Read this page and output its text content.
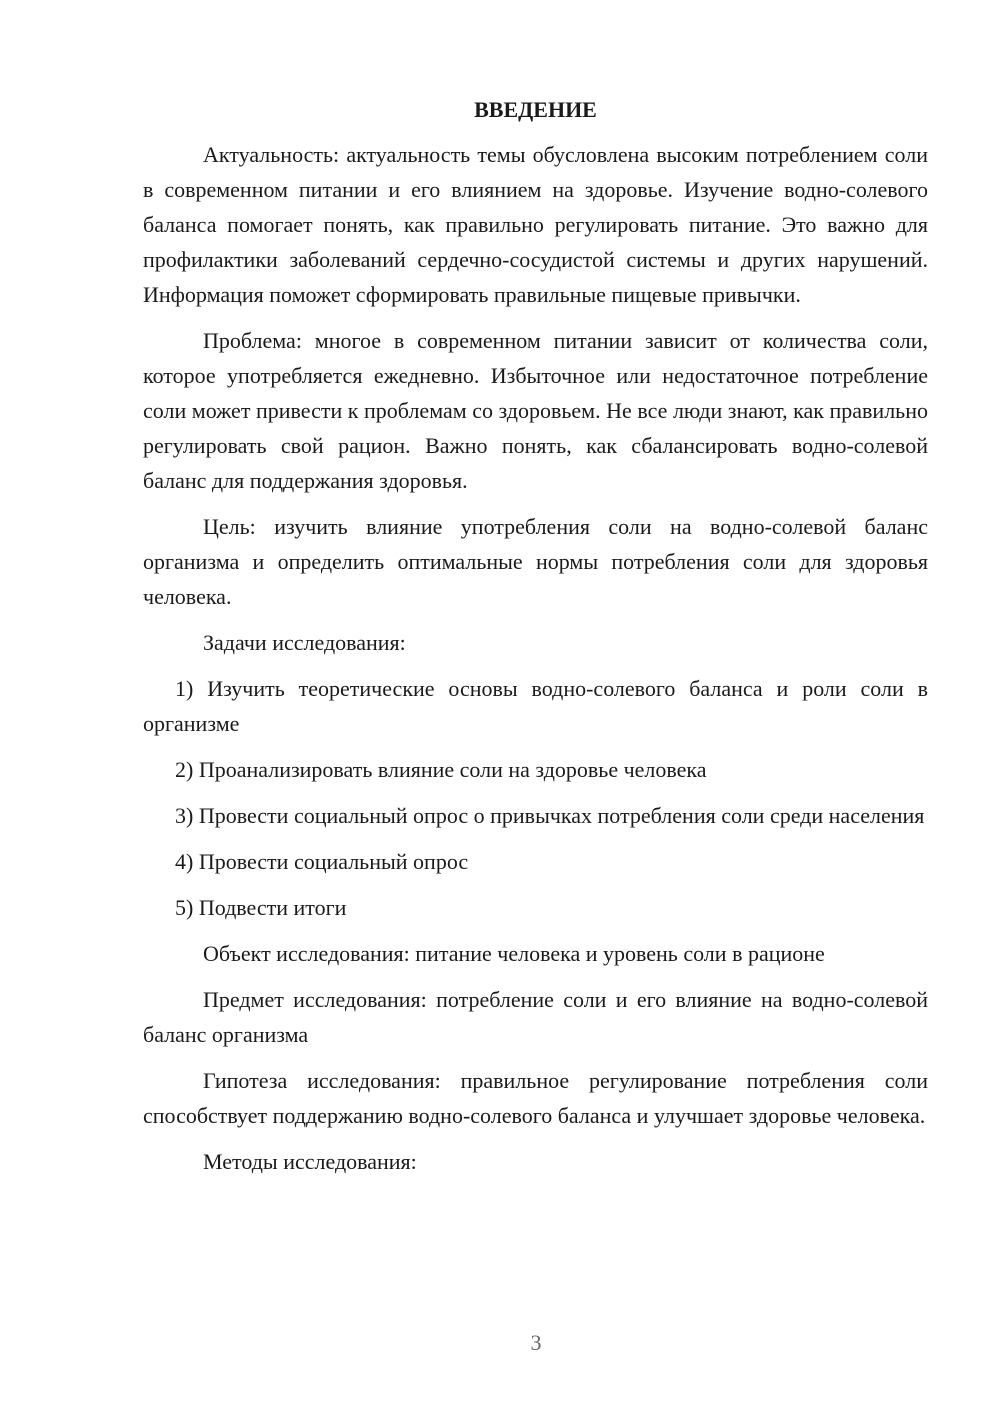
ВВЕДЕНИЕ

Актуальность: актуальность темы обусловлена высоким потреблением соли в современном питании и его влиянием на здоровье. Изучение водно-солевого баланса помогает понять, как правильно регулировать питание. Это важно для профилактики заболеваний сердечно-сосудистой системы и других нарушений. Информация поможет сформировать правильные пищевые привычки.

Проблема: многое в современном питании зависит от количества соли, которое употребляется ежедневно. Избыточное или недостаточное потребление соли может привести к проблемам со здоровьем. Не все люди знают, как правильно регулировать свой рацион. Важно понять, как сбалансировать водно-солевой баланс для поддержания здоровья.

Цель: изучить влияние употребления соли на водно-солевой баланс организма и определить оптимальные нормы потребления соли для здоровья человека.

Задачи исследования:

1) Изучить теоретические основы водно-солевого баланса и роли соли в организме

2) Проанализировать влияние соли на здоровье человека

3) Провести социальный опрос о привычках потребления соли среди населения

4) Провести социальный опрос

5) Подвести итоги

Объект исследования: питание человека и уровень соли в рационе

Предмет исследования: потребление соли и его влияние на водно-солевой баланс организма

Гипотеза исследования: правильное регулирование потребления соли способствует поддержанию водно-солевого баланса и улучшает здоровье человека.

Методы исследования:

3
